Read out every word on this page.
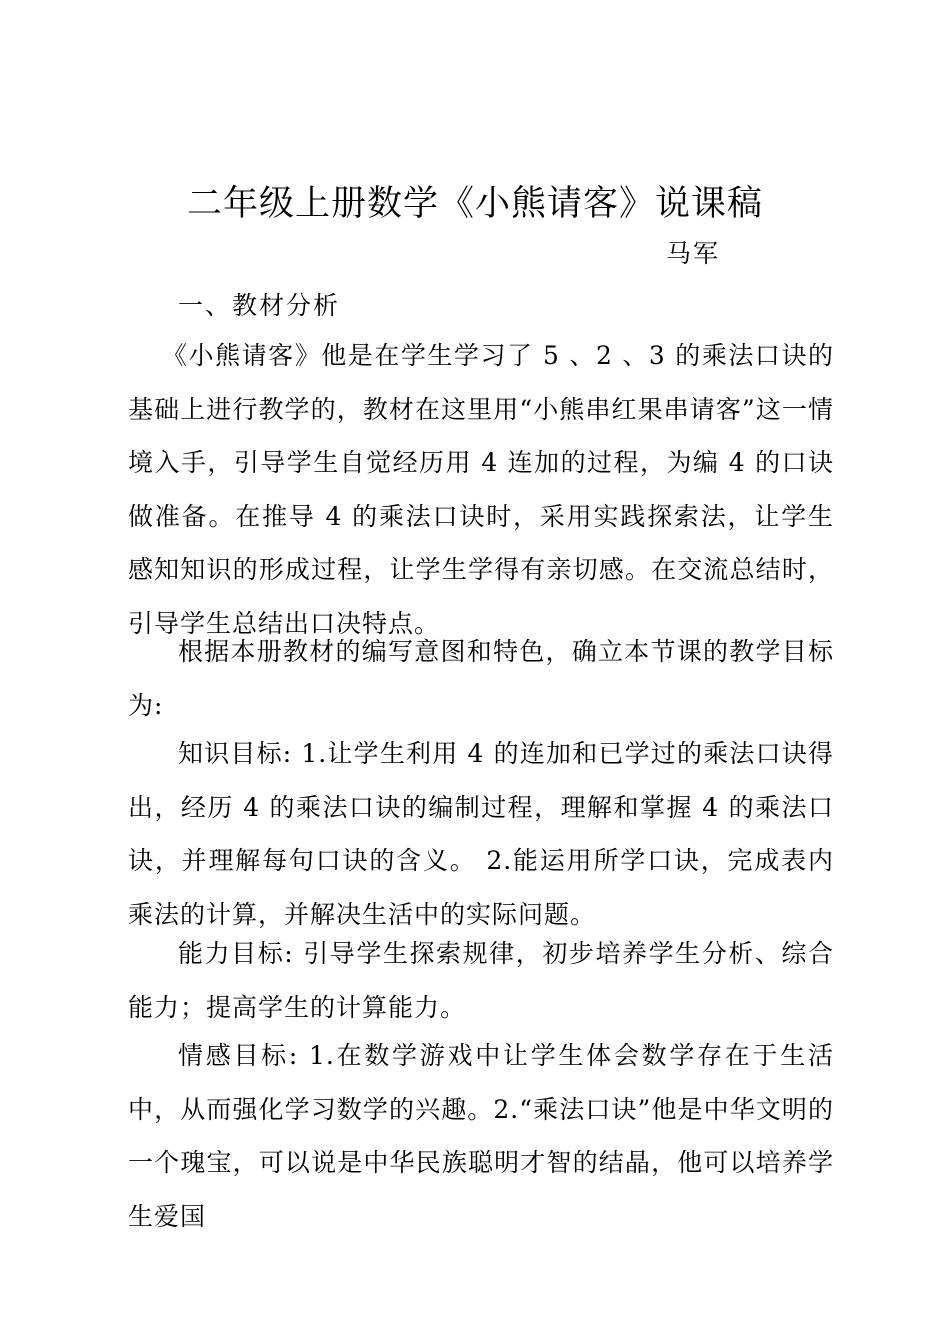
二年级上册数学《小熊请客》说课稿
马军
一、教材分析

《小熊请客》他是在学生学习了 5 、2 、3 的乘法口诀的基础上进行教学的，教材在这里用“小熊串红果串请客”这一情境入手，引导学生自觉经历用 4 连加的过程，为编 4 的口诀做准备。在推导 4 的乘法口诀时，采用实践探索法，让学生感知知识的形成过程，让学生学得有亲切感。在交流总结时，引导学生总结出口决特点。

根据本册教材的编写意图和特色，确立本节课的教学目标为:

知识目标: 1.让学生利用 4 的连加和已学过的乘法口诀得出，经历 4 的乘法口诀的编制过程，理解和掌握 4 的乘法口诀，并理解每句口诀的含义。 2.能运用所学口诀，完成表内乘法的计算，并解决生活中的实际问题。

能力目标: 引导学生探索规律，初步培养学生分析、综合能力；提高学生的计算能力。

情感目标: 1.在数学游戏中让学生体会数学存在于生活中，从而强化学习数学的兴趣。2.“乘法口诀”他是中华文明的一个瑰宝，可以说是中华民族聪明才智的结晶，他可以培养学生爱国
